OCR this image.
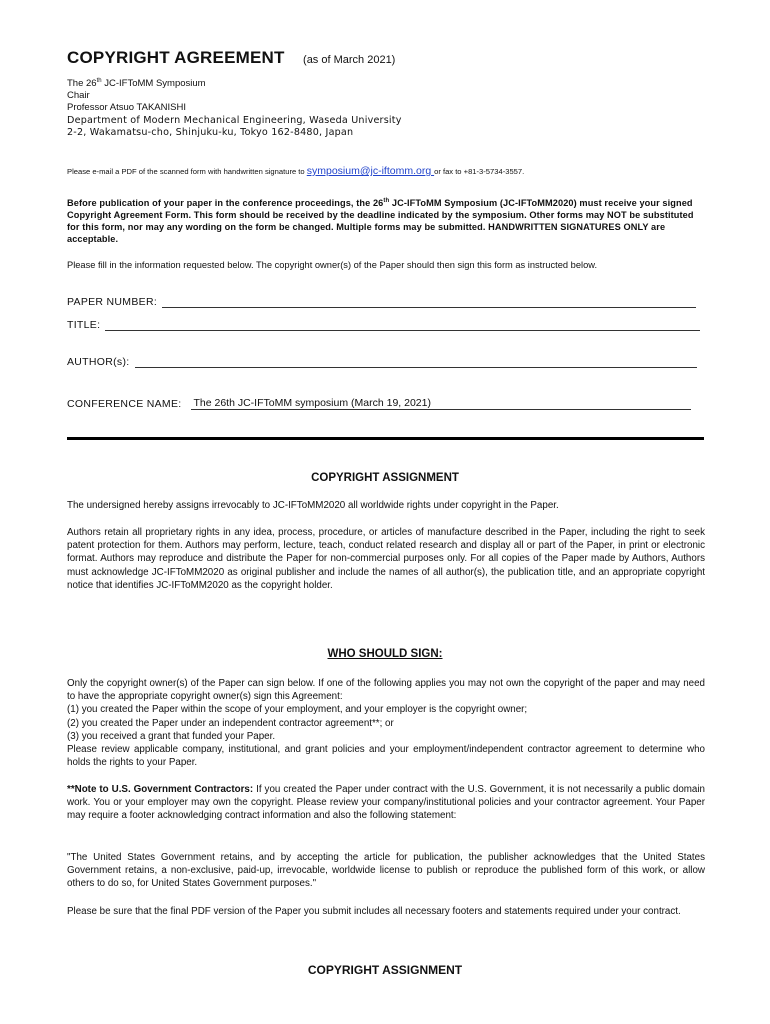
COPYRIGHT AGREEMENT (as of March 2021)
The 26th JC-IFToMM Symposium
Chair
Professor Atsuo TAKANISHI
Department of Modern Mechanical Engineering, Waseda University
2-2, Wakamatsu-cho, Shinjuku-ku, Tokyo 162-8480, Japan
Please e-mail a PDF of the scanned form with handwritten signature to symposium@jc-iftomm.org or fax to +81-3-5734-3557.
Before publication of your paper in the conference proceedings, the 26th JC-IFToMM Symposium (JC-IFToMM2020) must receive your signed Copyright Agreement Form. This form should be received by the deadline indicated by the symposium. Other forms may NOT be substituted for this form, nor may any wording on the form be changed. Multiple forms may be submitted. HANDWRITTEN SIGNATURES ONLY are acceptable.
Please fill in the information requested below. The copyright owner(s) of the Paper should then sign this form as instructed below.
PAPER NUMBER:
TITLE:
AUTHOR(s):
CONFERENCE NAME: The 26th JC-IFToMM symposium (March 19, 2021)
COPYRIGHT ASSIGNMENT
The undersigned hereby assigns irrevocably to JC-IFToMM2020 all worldwide rights under copyright in the Paper.
Authors retain all proprietary rights in any idea, process, procedure, or articles of manufacture described in the Paper, including the right to seek patent protection for them. Authors may perform, lecture, teach, conduct related research and display all or part of the Paper, in print or electronic format. Authors may reproduce and distribute the Paper for non-commercial purposes only. For all copies of the Paper made by Authors, Authors must acknowledge JC-IFToMM2020 as original publisher and include the names of all author(s), the publication title, and an appropriate copyright notice that identifies JC-IFToMM2020 as the copyright holder.
WHO SHOULD SIGN:
Only the copyright owner(s) of the Paper can sign below. If one of the following applies you may not own the copyright of the paper and may need to have the appropriate copyright owner(s) sign this Agreement:
(1) you created the Paper within the scope of your employment, and your employer is the copyright owner;
(2) you created the Paper under an independent contractor agreement**; or
(3) you received a grant that funded your Paper.
Please review applicable company, institutional, and grant policies and your employment/independent contractor agreement to determine who holds the rights to your Paper.
**Note to U.S. Government Contractors: If you created the Paper under contract with the U.S. Government, it is not necessarily a public domain work. You or your employer may own the copyright. Please review your company/institutional policies and your contractor agreement. Your Paper may require a footer acknowledging contract information and also the following statement:
"The United States Government retains, and by accepting the article for publication, the publisher acknowledges that the United States Government retains, a non-exclusive, paid-up, irrevocable, worldwide license to publish or reproduce the published form of this work, or allow others to do so, for United States Government purposes."
Please be sure that the final PDF version of the Paper you submit includes all necessary footers and statements required under your contract.
COPYRIGHT ASSIGNMENT
